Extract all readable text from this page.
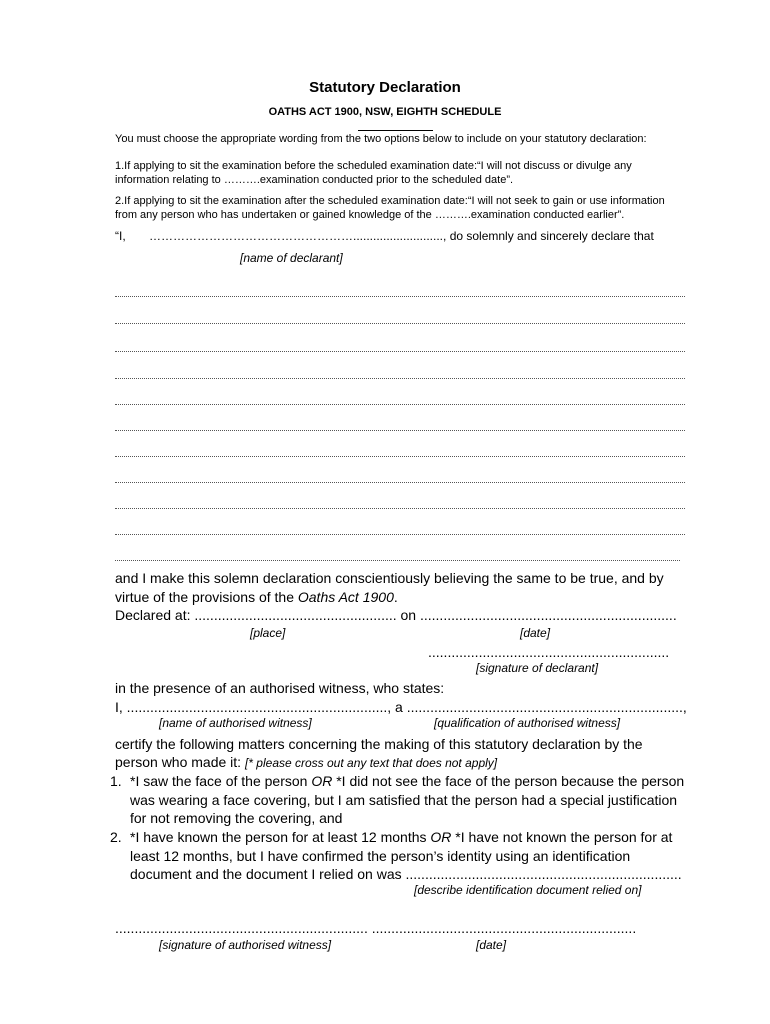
Statutory Declaration
OATHS ACT 1900, NSW, EIGHTH SCHEDULE
You must choose the appropriate wording from the two options below to include on your statutory declaration:
1.If applying to sit the examination before the scheduled examination date:“I will not discuss or divulge any
information relating to ……….examination conducted prior to the scheduled date”.
2.If applying to sit the examination after the scheduled examination date:“I will not seek to gain or use information
from any person who has undertaken or gained knowledge of the ……….examination conducted earlier”.
“I,       ……………………………………………..........................., do solemnly and sincerely declare that
[name of declarant]
and I make this solemn declaration conscientiously believing the same to be true, and by
virtue of the provisions of the Oaths Act 1900.
Declared at: .................................................... on ..................................................................
[place]	[date]
..............................................................
[signature of declarant]
in the presence of an authorised witness, who states:
I, ..................................................................., a .......................................................................,
[name of authorised witness]	[qualification of authorised witness]
certify the following matters concerning the making of this statutory declaration by the
person who made it: [* please cross out any text that does not apply]
1. *I saw the face of the person OR *I did not see the face of the person because the person
was wearing a face covering, but I am satisfied that the person had a special justification
for not removing the covering, and
2. *I have known the person for at least 12 months OR *I have not known the person for at
least 12 months, but I have confirmed the person’s identity using an identification
document and the document I relied on was .......................................................................
[describe identification document relied on]
................................................................. ....................................................................
[signature of authorised witness]	[date]
